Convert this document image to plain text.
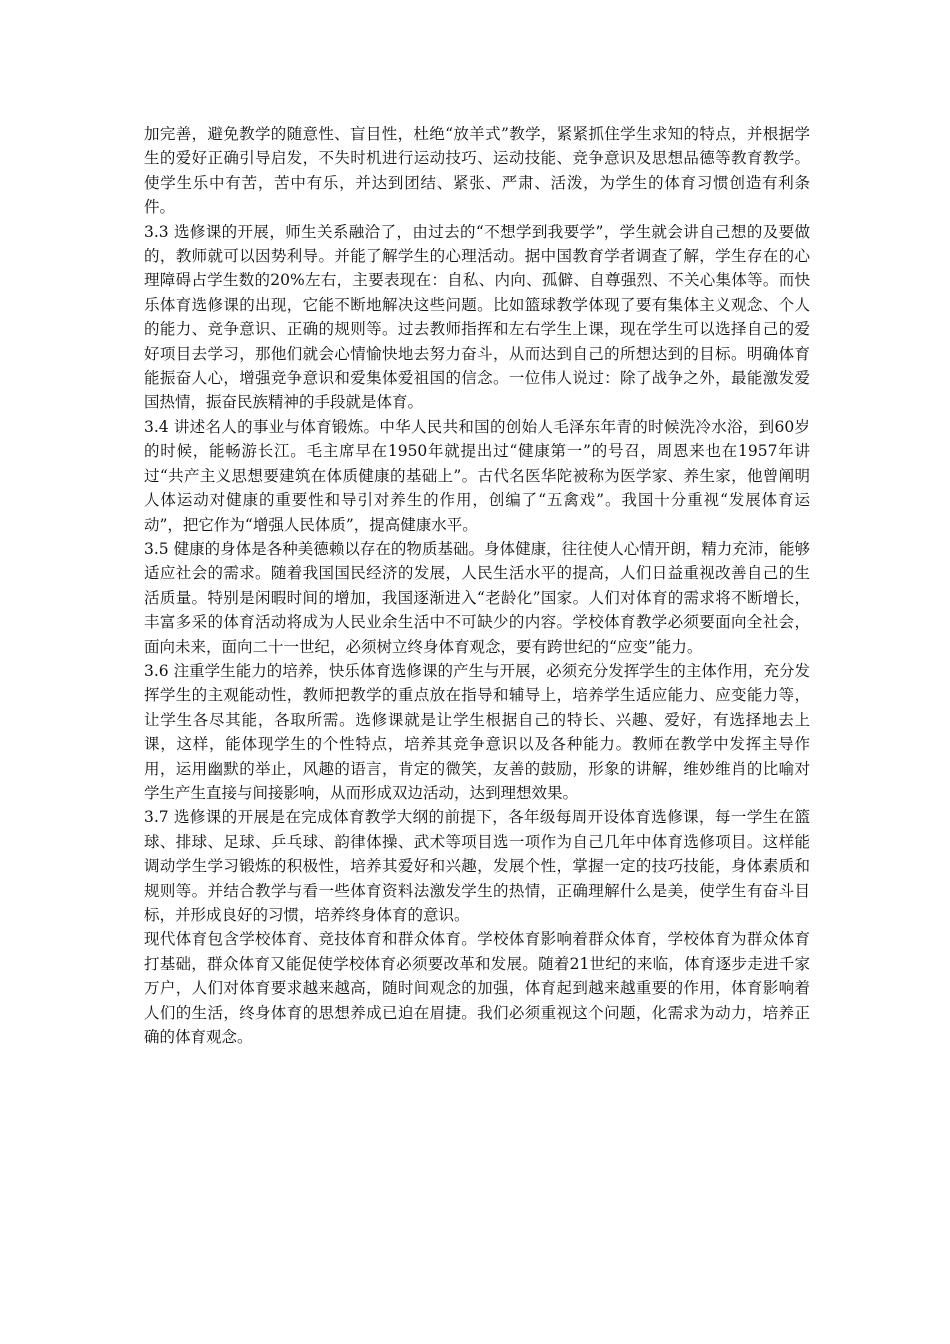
加完善，避免教学的随意性、盲目性，杜绝“放羊式”教学，紧紧抓住学生求知的特点，并根据学生的爱好正确引导启发，不失时机进行运动技巧、运动技能、竞争意识及思想品德等教育教学。使学生乐中有苦，苦中有乐，并达到团结、紧张、严肃、活泼，为学生的体育习惯创造有利条件。

3.3 选修课的开展，师生关系融洽了，由过去的“不想学到我要学”，学生就会讲自己想的及要做的，教师就可以因势利导。并能了解学生的心理活动。据中国教育学者调查了解，学生存在的心理障碍占学生数的20%左右，主要表现在：自私、内向、孤僻、自尊强烈、不关心集体等。而快乐体育选修课的出现，它能不断地解决这些问题。比如篮球教学体现了要有集体主义观念、个人的能力、竞争意识、正确的规则等。过去教师指挥和左右学生上课，现在学生可以选择自己的爱好项目去学习，那他们就会心情愉快地去努力奋斗，从而达到自己的所想达到的目标。明确体育能振奋人心，增强竞争意识和爱集体爱祖国的信念。一位伟人说过：除了战争之外，最能激发爱国热情，振奋民族精神的手段就是体育。

3.4 讲述名人的事业与体育锻炼。中华人民共和国的创始人毛泽东年青的时候洗冷水浴，到60岁的时候，能畅游长江。毛主席早在1950年就提出过“健康第一”的号召，周恩来也在1957年讲过“共产主义思想要建筑在体质健康的基础上”。古代名医华陀被称为医学家、养生家，他曾阐明人体运动对健康的重要性和导引对养生的作用，创编了“五禽戏”。我国十分重视“发展体育运动”，把它作为“增强人民体质”，提高健康水平。

3.5 健康的身体是各种美德赖以存在的物质基础。身体健康，往往使人心情开朗，精力充沛，能够适应社会的需求。随着我国国民经济的发展，人民生活水平的提高，人们日益重视改善自己的生活质量。特别是闲暇时间的增加，我国逐渐进入“老龄化”国家。人们对体育的需求将不断增长，丰富多采的体育活动将成为人民业余生活中不可缺少的内容。学校体育教学必须要面向全社会，面向未来，面向二十一世纪，必须树立终身体育观念，要有跨世纪的“应变”能力。

3.6 注重学生能力的培养，快乐体育选修课的产生与开展，必须充分发挥学生的主体作用，充分发挥学生的主观能动性，教师把教学的重点放在指导和辅导上，培养学生适应能力、应变能力等，让学生各尽其能，各取所需。选修课就是让学生根据自己的特长、兴趣、爱好，有选择地去上课，这样，能体现学生的个性特点，培养其竞争意识以及各种能力。教师在教学中发挥主导作用，运用幽默的举止，风趣的语言，肯定的微笑，友善的鼓励，形象的讲解，维妙维肖的比喻对学生产生直接与间接影响，从而形成双边活动，达到理想效果。

3.7 选修课的开展是在完成体育教学大纲的前提下，各年级每周开设体育选修课，每一学生在篮球、排球、足球、乒乓球、韵律体操、武术等项目选一项作为自己几年中体育选修项目。这样能调动学生学习锻炼的积极性，培养其爱好和兴趣，发展个性，掌握一定的技巧技能，身体素质和规则等。并结合教学与看一些体育资料法激发学生的热情，正确理解什么是美，使学生有奋斗目标，并形成良好的习惯，培养终身体育的意识。

现代体育包含学校体育、竞技体育和群众体育。学校体育影响着群众体育，学校体育为群众体育打基础，群众体育又能促使学校体育必须要改革和发展。随着21世纪的来临，体育逐步走进千家万户，人们对体育要求越来越高，随时间观念的加强，体育起到越来越重要的作用，体育影响着人们的生活，终身体育的思想养成已迫在眉捷。我们必须重视这个问题，化需求为动力，培养正确的体育观念。
